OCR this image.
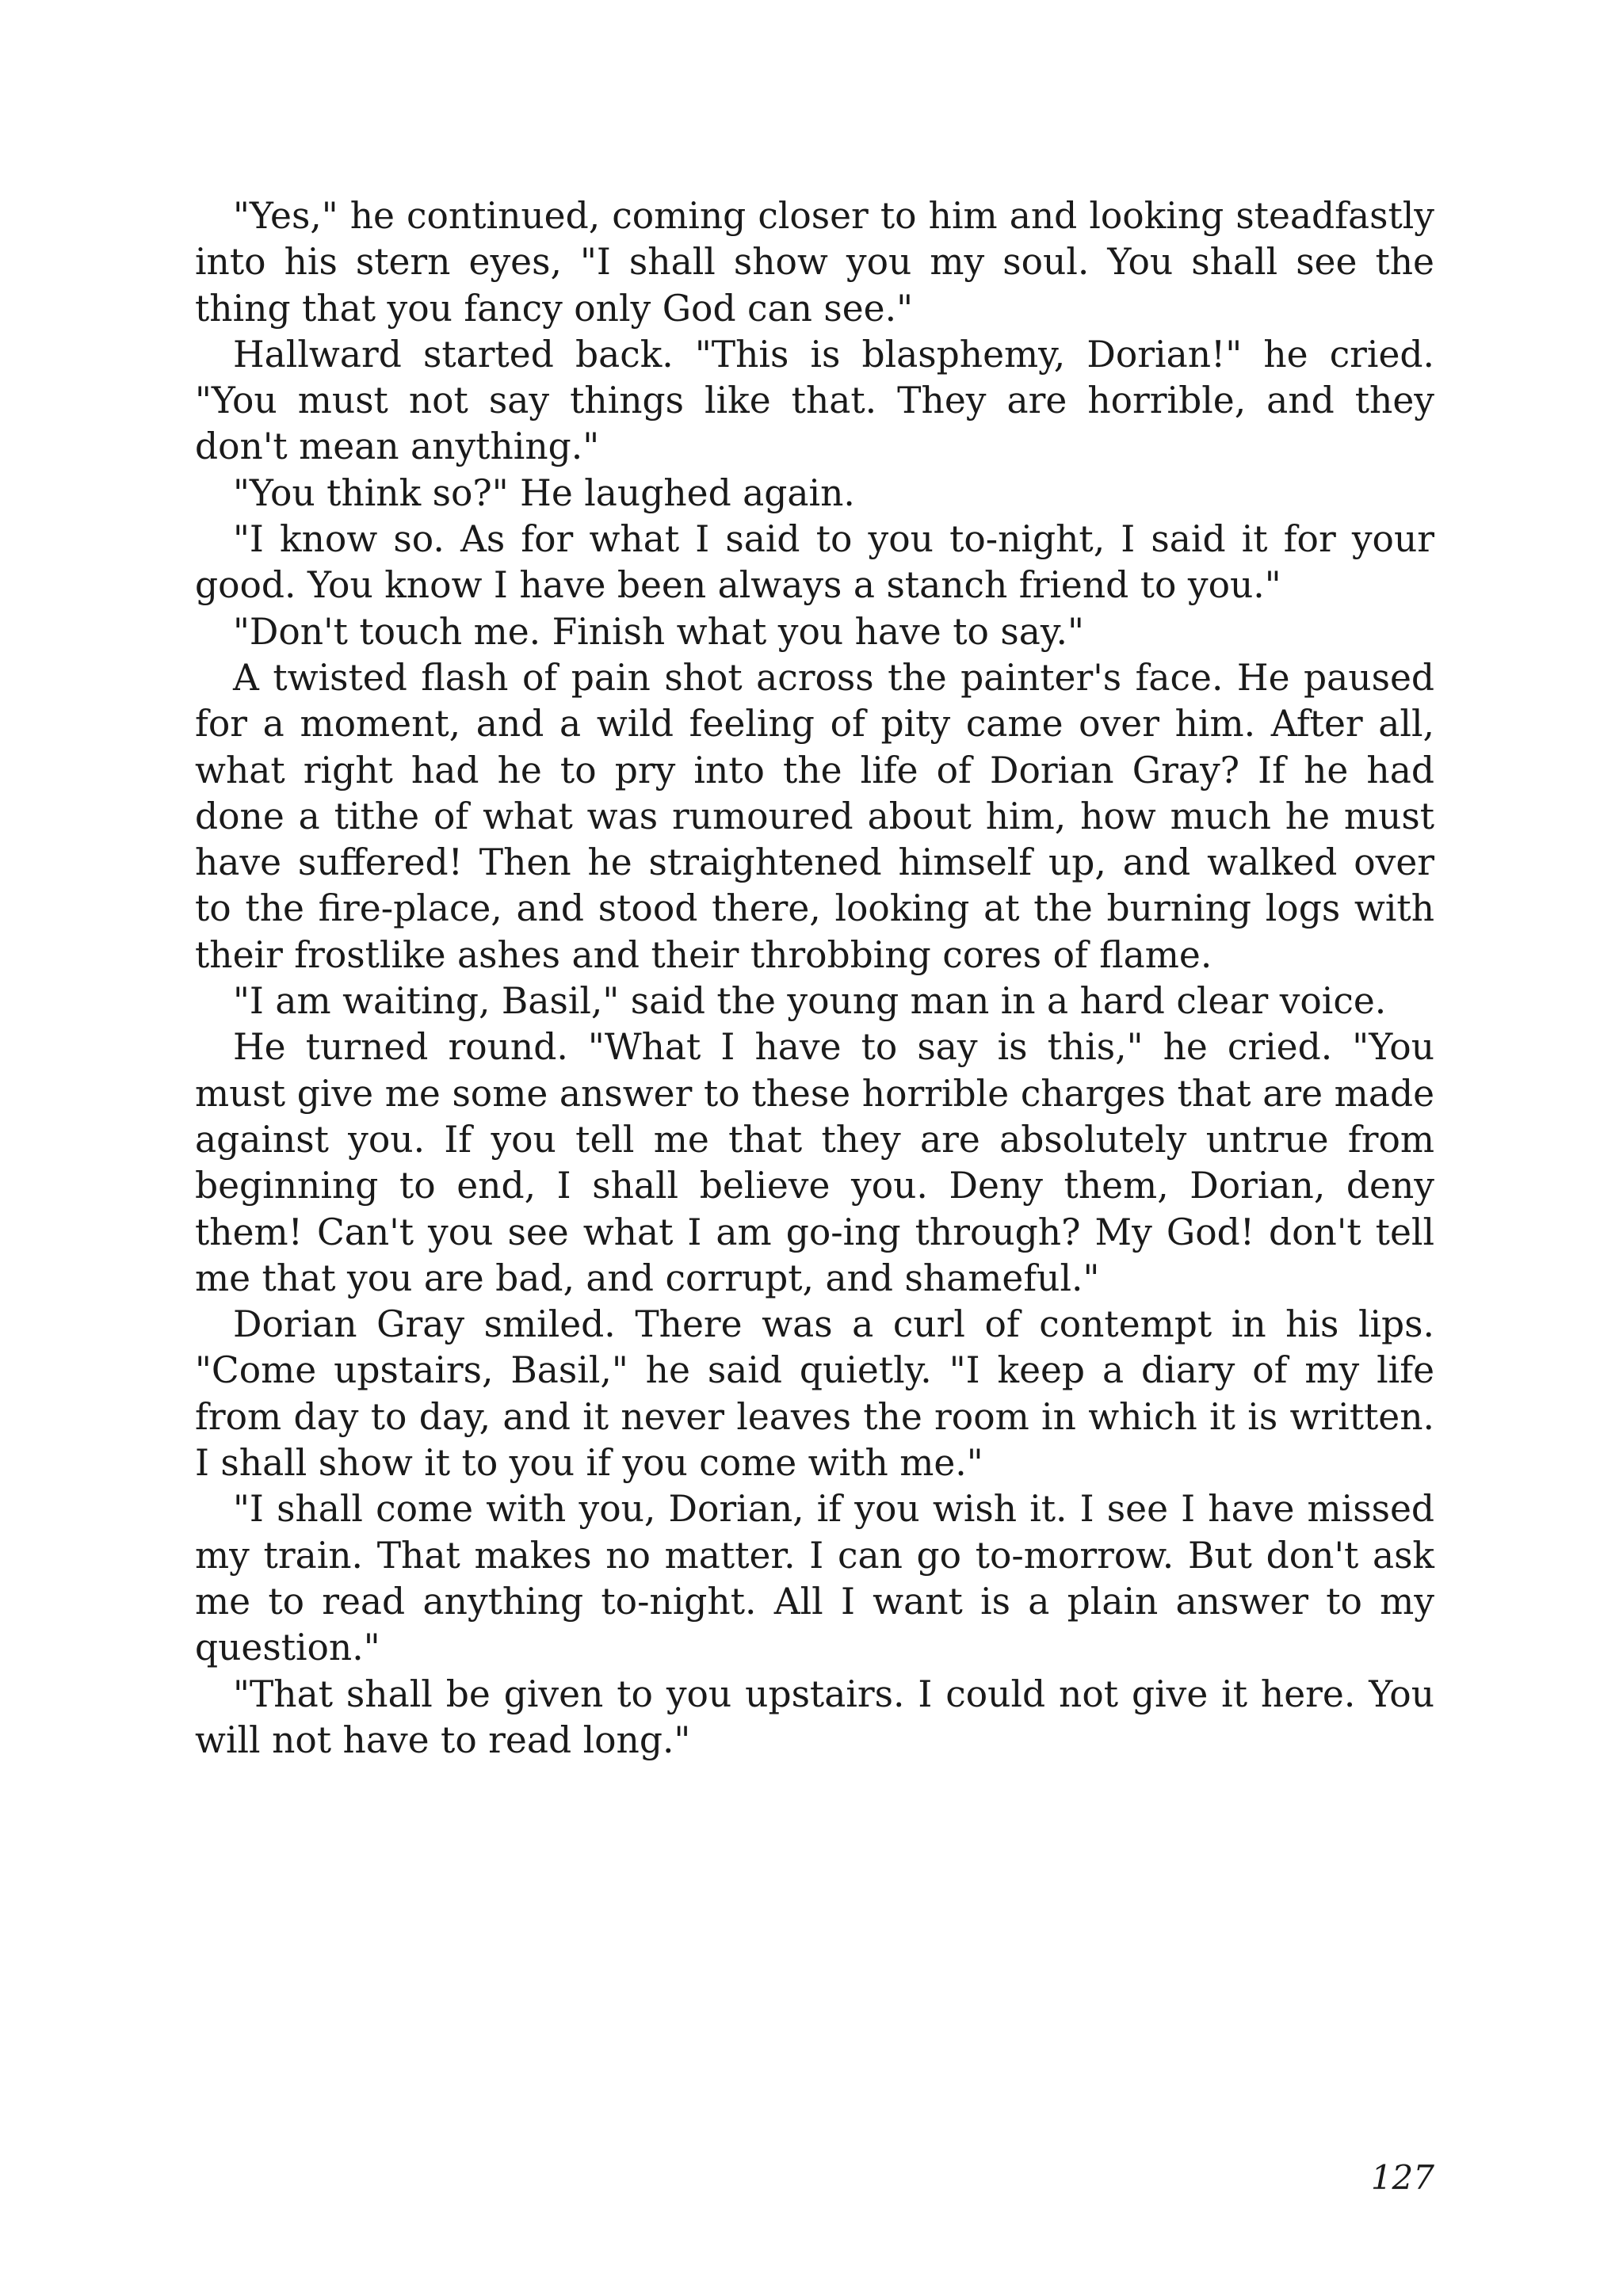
"Yes," he continued, coming closer to him and looking steadfastly into his stern eyes, "I shall show you my soul. You shall see the thing that you fancy only God can see."

Hallward started back. "This is blasphemy, Dorian!" he cried. "You must not say things like that. They are horrible, and they don't mean anything."

"You think so?" He laughed again.

"I know so. As for what I said to you to-night, I said it for your good. You know I have been always a stanch friend to you."

"Don't touch me. Finish what you have to say."

A twisted flash of pain shot across the painter's face. He paused for a moment, and a wild feeling of pity came over him. After all, what right had he to pry into the life of Dorian Gray? If he had done a tithe of what was rumoured about him, how much he must have suffered! Then he straightened himself up, and walked over to the fire-place, and stood there, looking at the burning logs with their frostlike ashes and their throbbing cores of flame.

"I am waiting, Basil," said the young man in a hard clear voice.

He turned round. "What I have to say is this," he cried. "You must give me some answer to these horrible charges that are made against you. If you tell me that they are absolutely untrue from beginning to end, I shall believe you. Deny them, Dorian, deny them! Can't you see what I am go-ing through? My God! don't tell me that you are bad, and corrupt, and shameful."

Dorian Gray smiled. There was a curl of contempt in his lips. "Come upstairs, Basil," he said quietly. "I keep a diary of my life from day to day, and it never leaves the room in which it is written. I shall show it to you if you come with me."

"I shall come with you, Dorian, if you wish it. I see I have missed my train. That makes no matter. I can go to-morrow. But don't ask me to read anything to-night. All I want is a plain answer to my question."

"That shall be given to you upstairs. I could not give it here. You will not have to read long."

127
